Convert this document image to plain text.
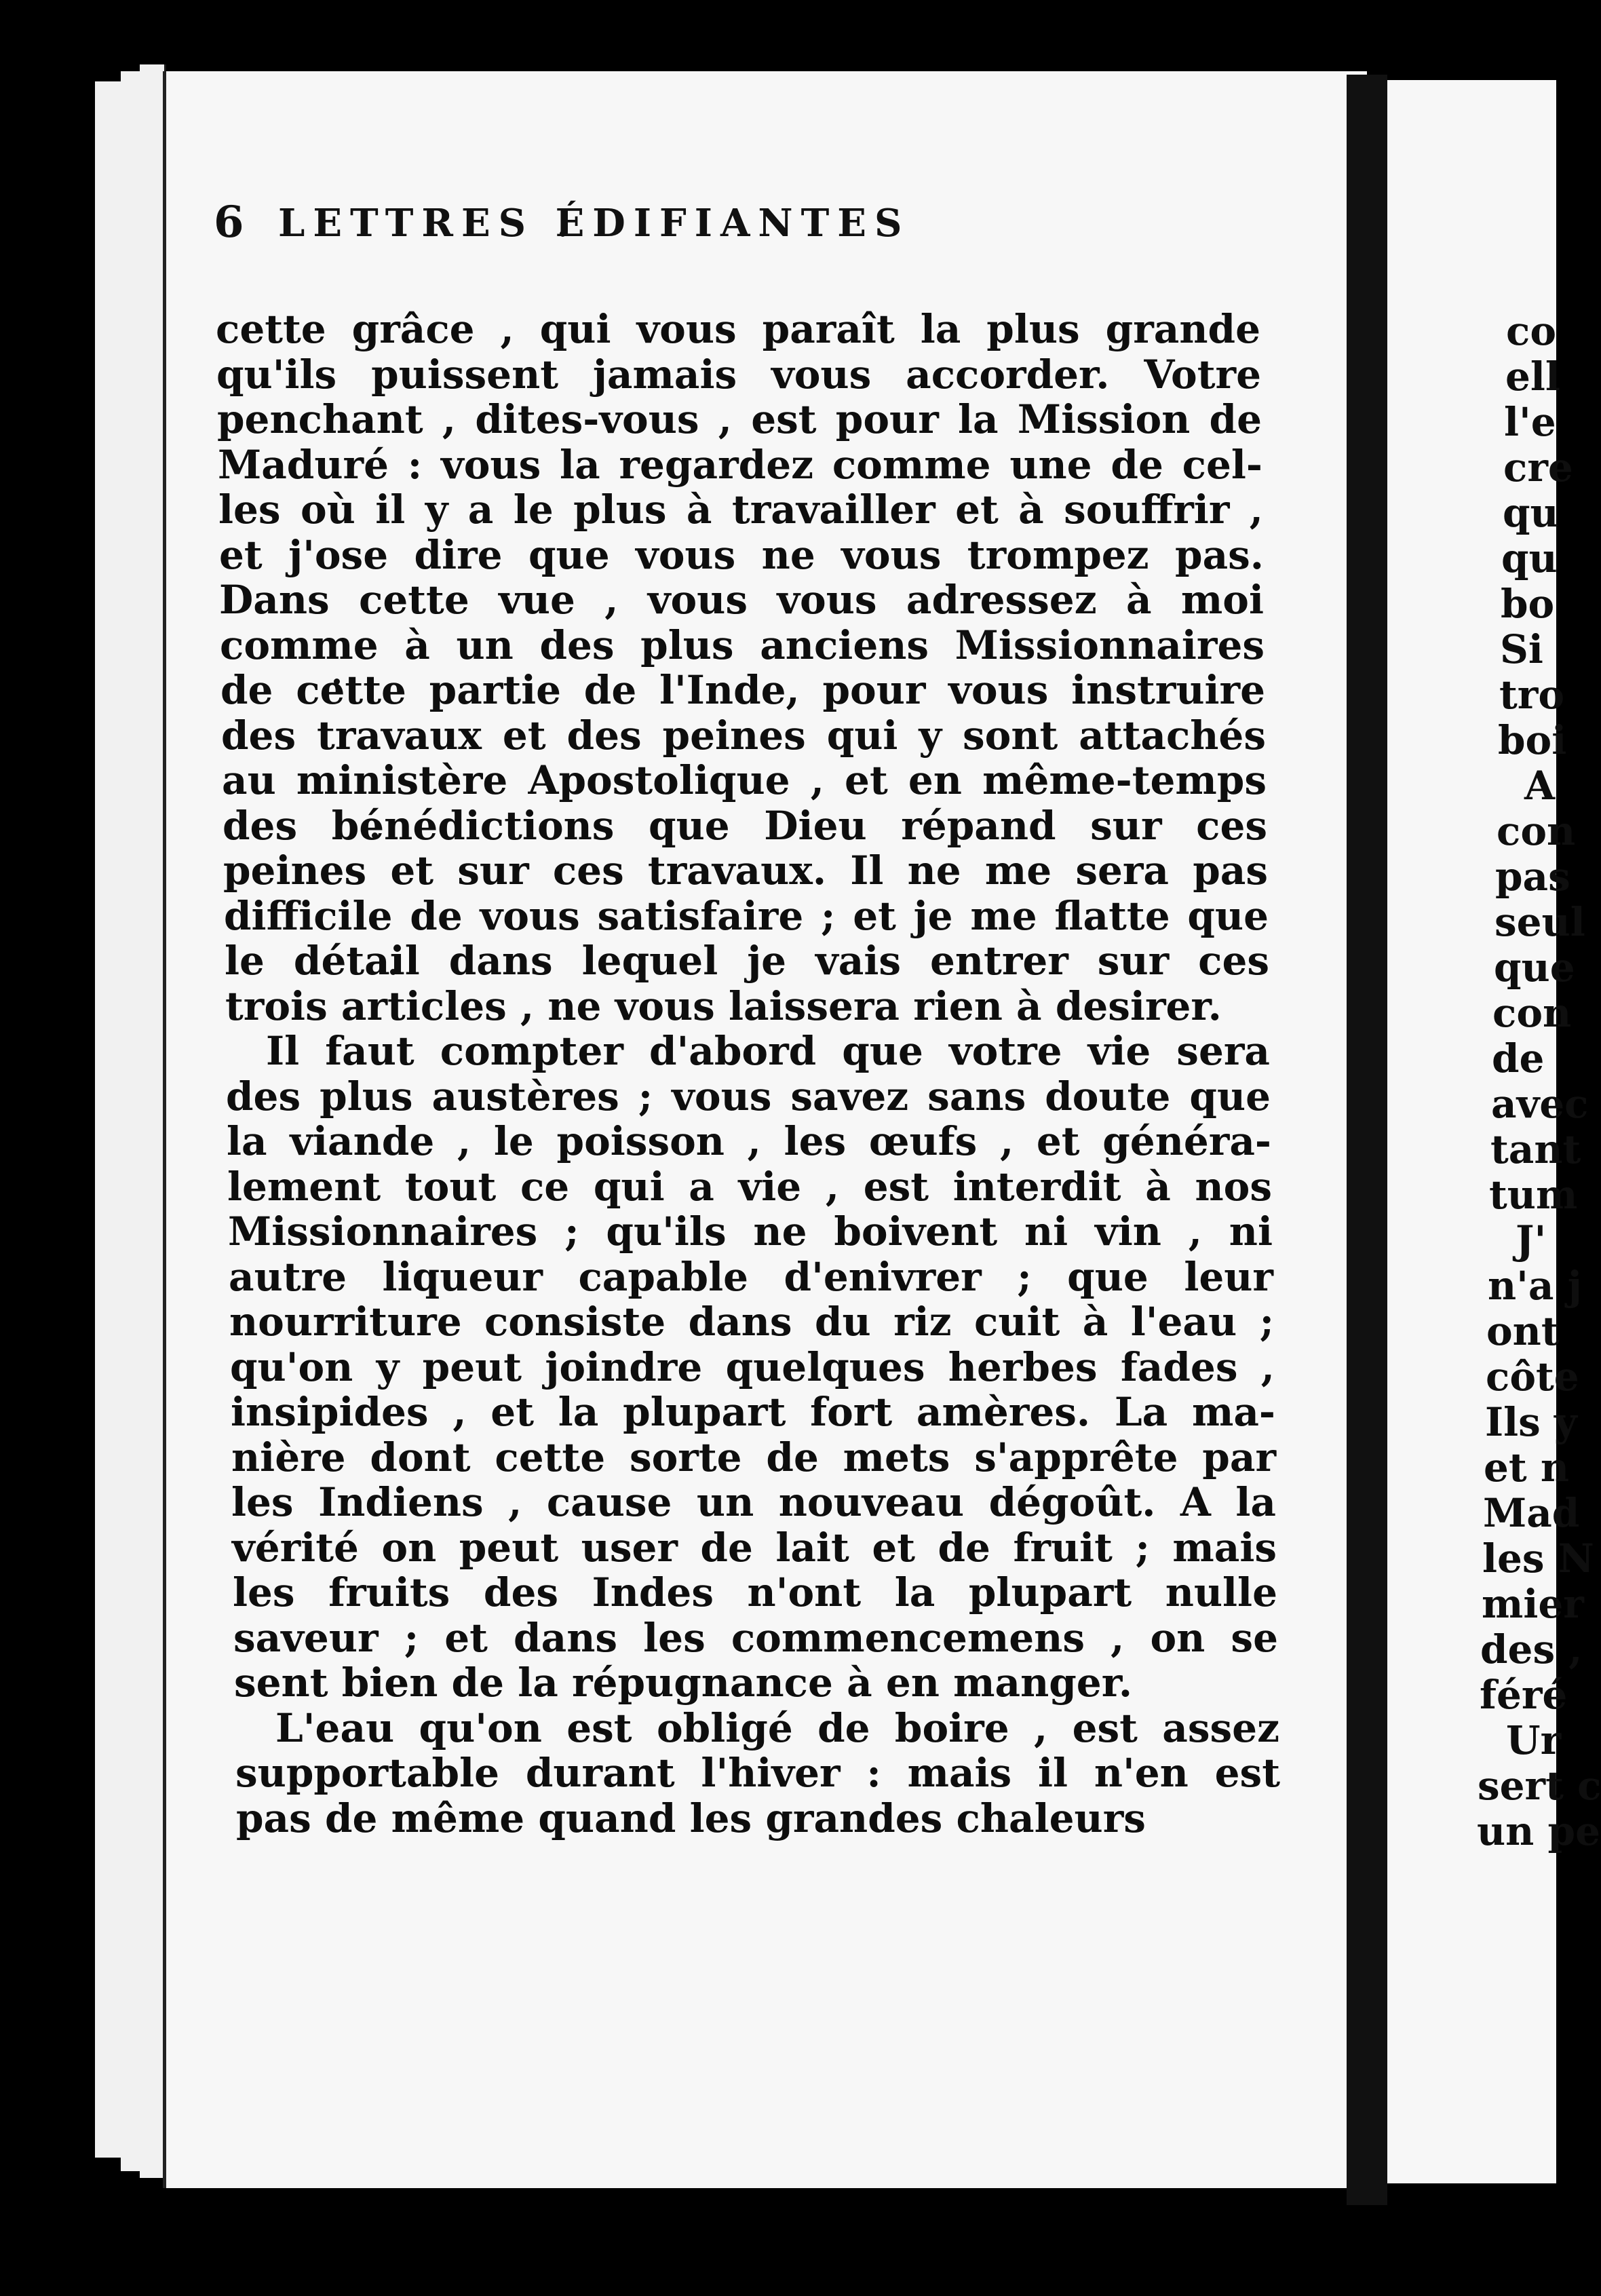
co
ell
l'e
cre
qu
qu
bo
Si
tro
boi
A
con
pas
seul
que
con
de
avec
tant
tum
J'
n'a j
ont
côte
Ils y
et n
Mad
les N
mier
des ,
féré
Ur
sert c
un pe
6 LETTRES ÉDIFIANTES
cette grâce , qui vous paraît la plus grande
qu'ils puissent jamais vous accorder. Votre
penchant , dites-vous , est pour la Mission de
Maduré : vous la regardez comme une de cel-
les où il y a le plus à travailler et à souffrir ,
et j'ose dire que vous ne vous trompez pas.
Dans cette vue , vous vous adressez à moi
comme à un des plus anciens Missionnaires
de cette partie de l'Inde, pour vous instruire
des travaux et des peines qui y sont attachés
au ministère Apostolique , et en même-temps
des bénédictions que Dieu répand sur ces
peines et sur ces travaux. Il ne me sera pas
difficile de vous satisfaire ; et je me flatte que
le détail dans lequel je vais entrer sur ces
trois articles , ne vous laissera rien à desirer.
Il faut compter d'abord que votre vie sera
des plus austères ; vous savez sans doute que
la viande , le poisson , les œufs , et généra-
lement tout ce qui a vie , est interdit à nos
Missionnaires ; qu'ils ne boivent ni vin , ni
autre liqueur capable d'enivrer ; que leur
nourriture consiste dans du riz cuit à l'eau ;
qu'on y peut joindre quelques herbes fades ,
insipides , et la plupart fort amères. La ma-
nière dont cette sorte de mets s'apprête par
les Indiens , cause un nouveau dégoût. A la
vérité on peut user de lait et de fruit ; mais
les fruits des Indes n'ont la plupart nulle
saveur ; et dans les commencemens , on se
sent bien de la répugnance à en manger.
L'eau qu'on est obligé de boire , est assez
supportable durant l'hiver : mais il n'en est
pas de même quand les grandes chaleurs
